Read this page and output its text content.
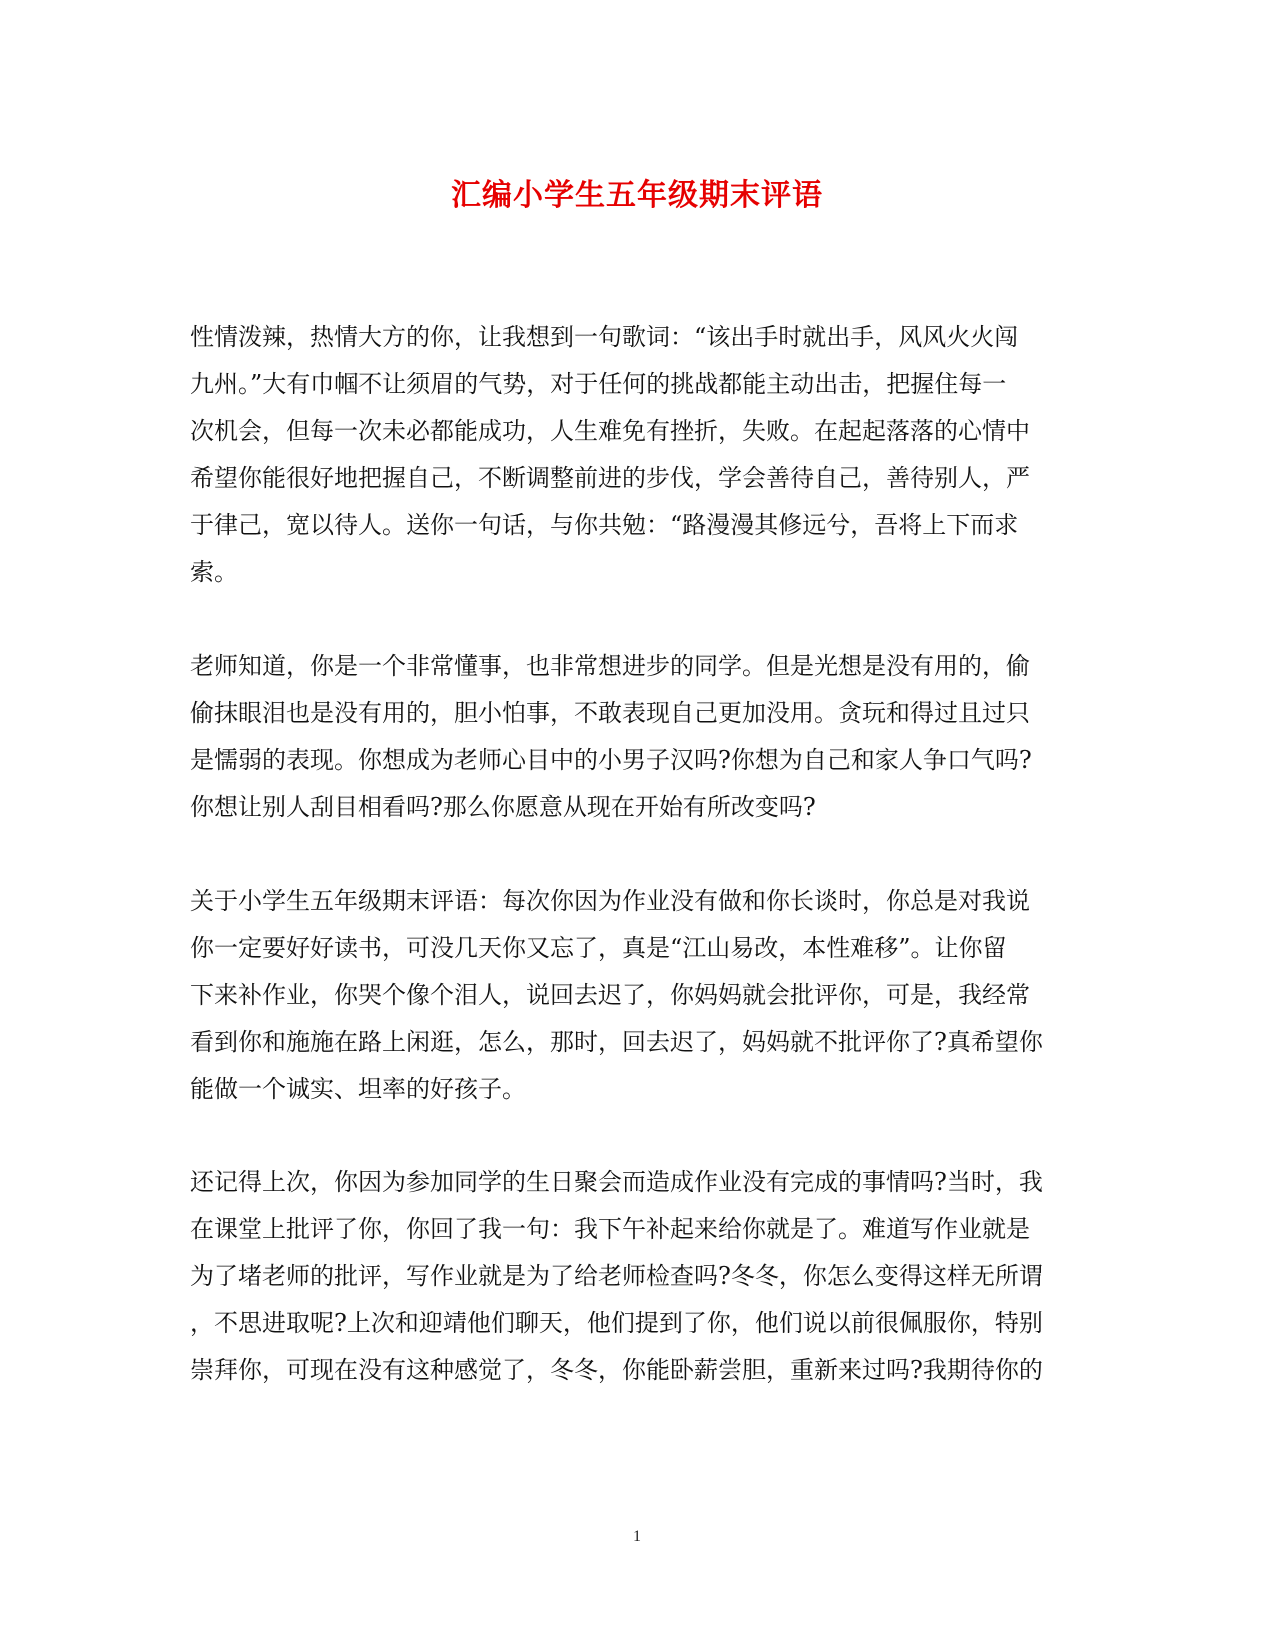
汇编小学生五年级期末评语

性情泼辣，热情大方的你，让我想到一句歌词：“该出手时就出手，风风火火闯

九州。”大有巾帼不让须眉的气势，对于任何的挑战都能主动出击，把握住每一

次机会，但每一次未必都能成功，人生难免有挫折，失败。在起起落落的心情中

希望你能很好地把握自己，不断调整前进的步伐，学会善待自己，善待别人，严

于律己，宽以待人。送你一句话，与你共勉：“路漫漫其修远兮，吾将上下而求

索。

老师知道，你是一个非常懂事，也非常想进步的同学。但是光想是没有用的，偷

偷抹眼泪也是没有用的，胆小怕事，不敢表现自己更加没用。贪玩和得过且过只

是懦弱的表现。你想成为老师心目中的小男子汉吗?你想为自己和家人争口气吗?

你想让别人刮目相看吗?那么你愿意从现在开始有所改变吗?

关于小学生五年级期末评语：每次你因为作业没有做和你长谈时，你总是对我说

你一定要好好读书，可没几天你又忘了，真是“江山易改，本性难移”。让你留

下来补作业，你哭个像个泪人，说回去迟了，你妈妈就会批评你，可是，我经常

看到你和施施在路上闲逛，怎么，那时，回去迟了，妈妈就不批评你了?真希望你

能做一个诚实、坦率的好孩子。

还记得上次，你因为参加同学的生日聚会而造成作业没有完成的事情吗?当时，我

在课堂上批评了你，你回了我一句：我下午补起来给你就是了。难道写作业就是

为了堵老师的批评，写作业就是为了给老师检查吗?冬冬，你怎么变得这样无所谓

，不思进取呢?上次和迎靖他们聊天，他们提到了你，他们说以前很佩服你，特别

崇拜你，可现在没有这种感觉了，冬冬，你能卧薪尝胆，重新来过吗?我期待你的

1
